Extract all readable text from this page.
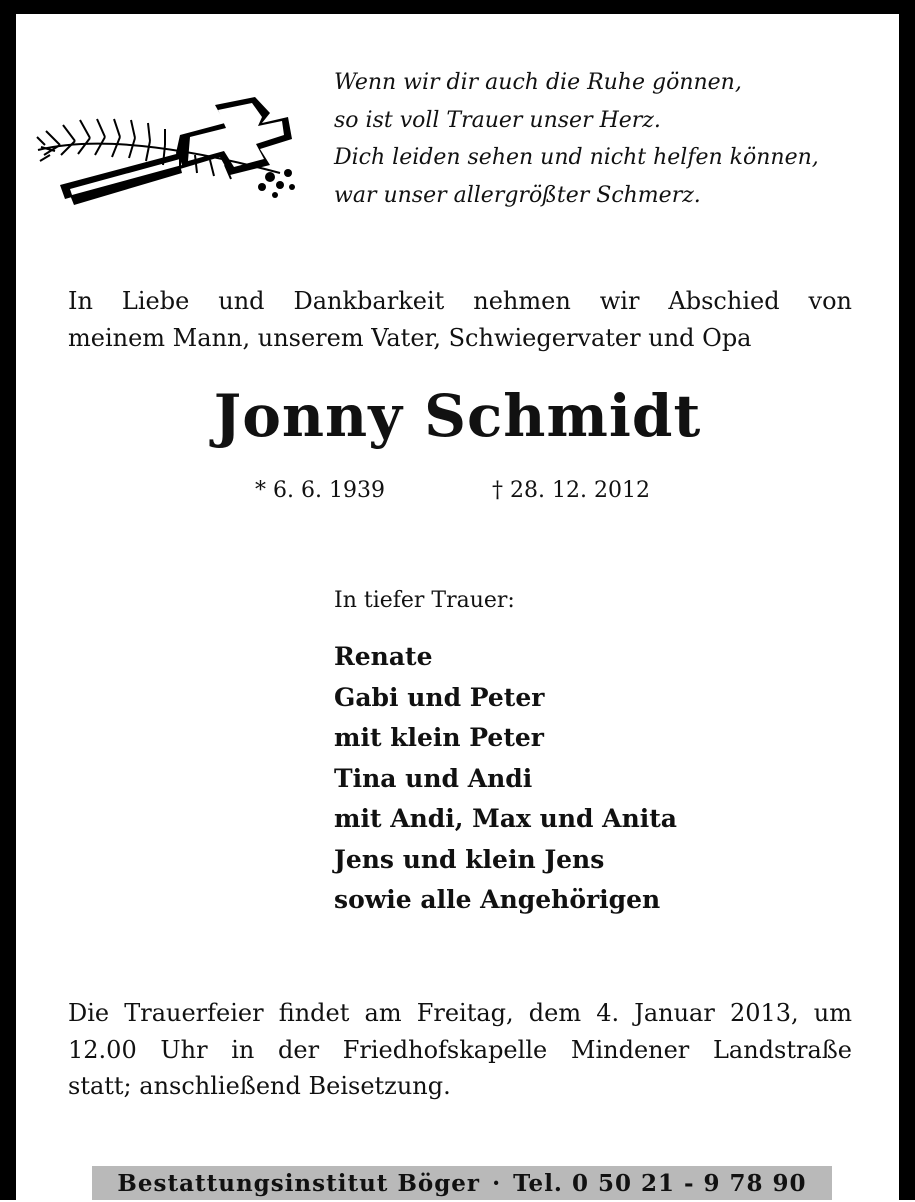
Wenn wir dir auch die Ruhe gönnen,
so ist voll Trauer unser Herz.
Dich leiden sehen und nicht helfen können,
war unser allergrößter Schmerz.
In Liebe und Dankbarkeit nehmen wir Abschied von
meinem Mann, unserem Vater, Schwiegervater und Opa
Jonny Schmidt
* 6. 6. 1939	† 28. 12. 2012
In tiefer Trauer:
Renate
Gabi und Peter
mit klein Peter
Tina und Andi
mit Andi, Max und Anita
Jens und klein Jens
sowie alle Angehörigen
Die Trauerfeier findet am Freitag, dem 4. Januar 2013, um
12.00 Uhr in der Friedhofskapelle Mindener Landstraße
statt; anschließend Beisetzung.
Bestattungsinstitut Böger · Tel. 0 50 21 - 9 78 90
